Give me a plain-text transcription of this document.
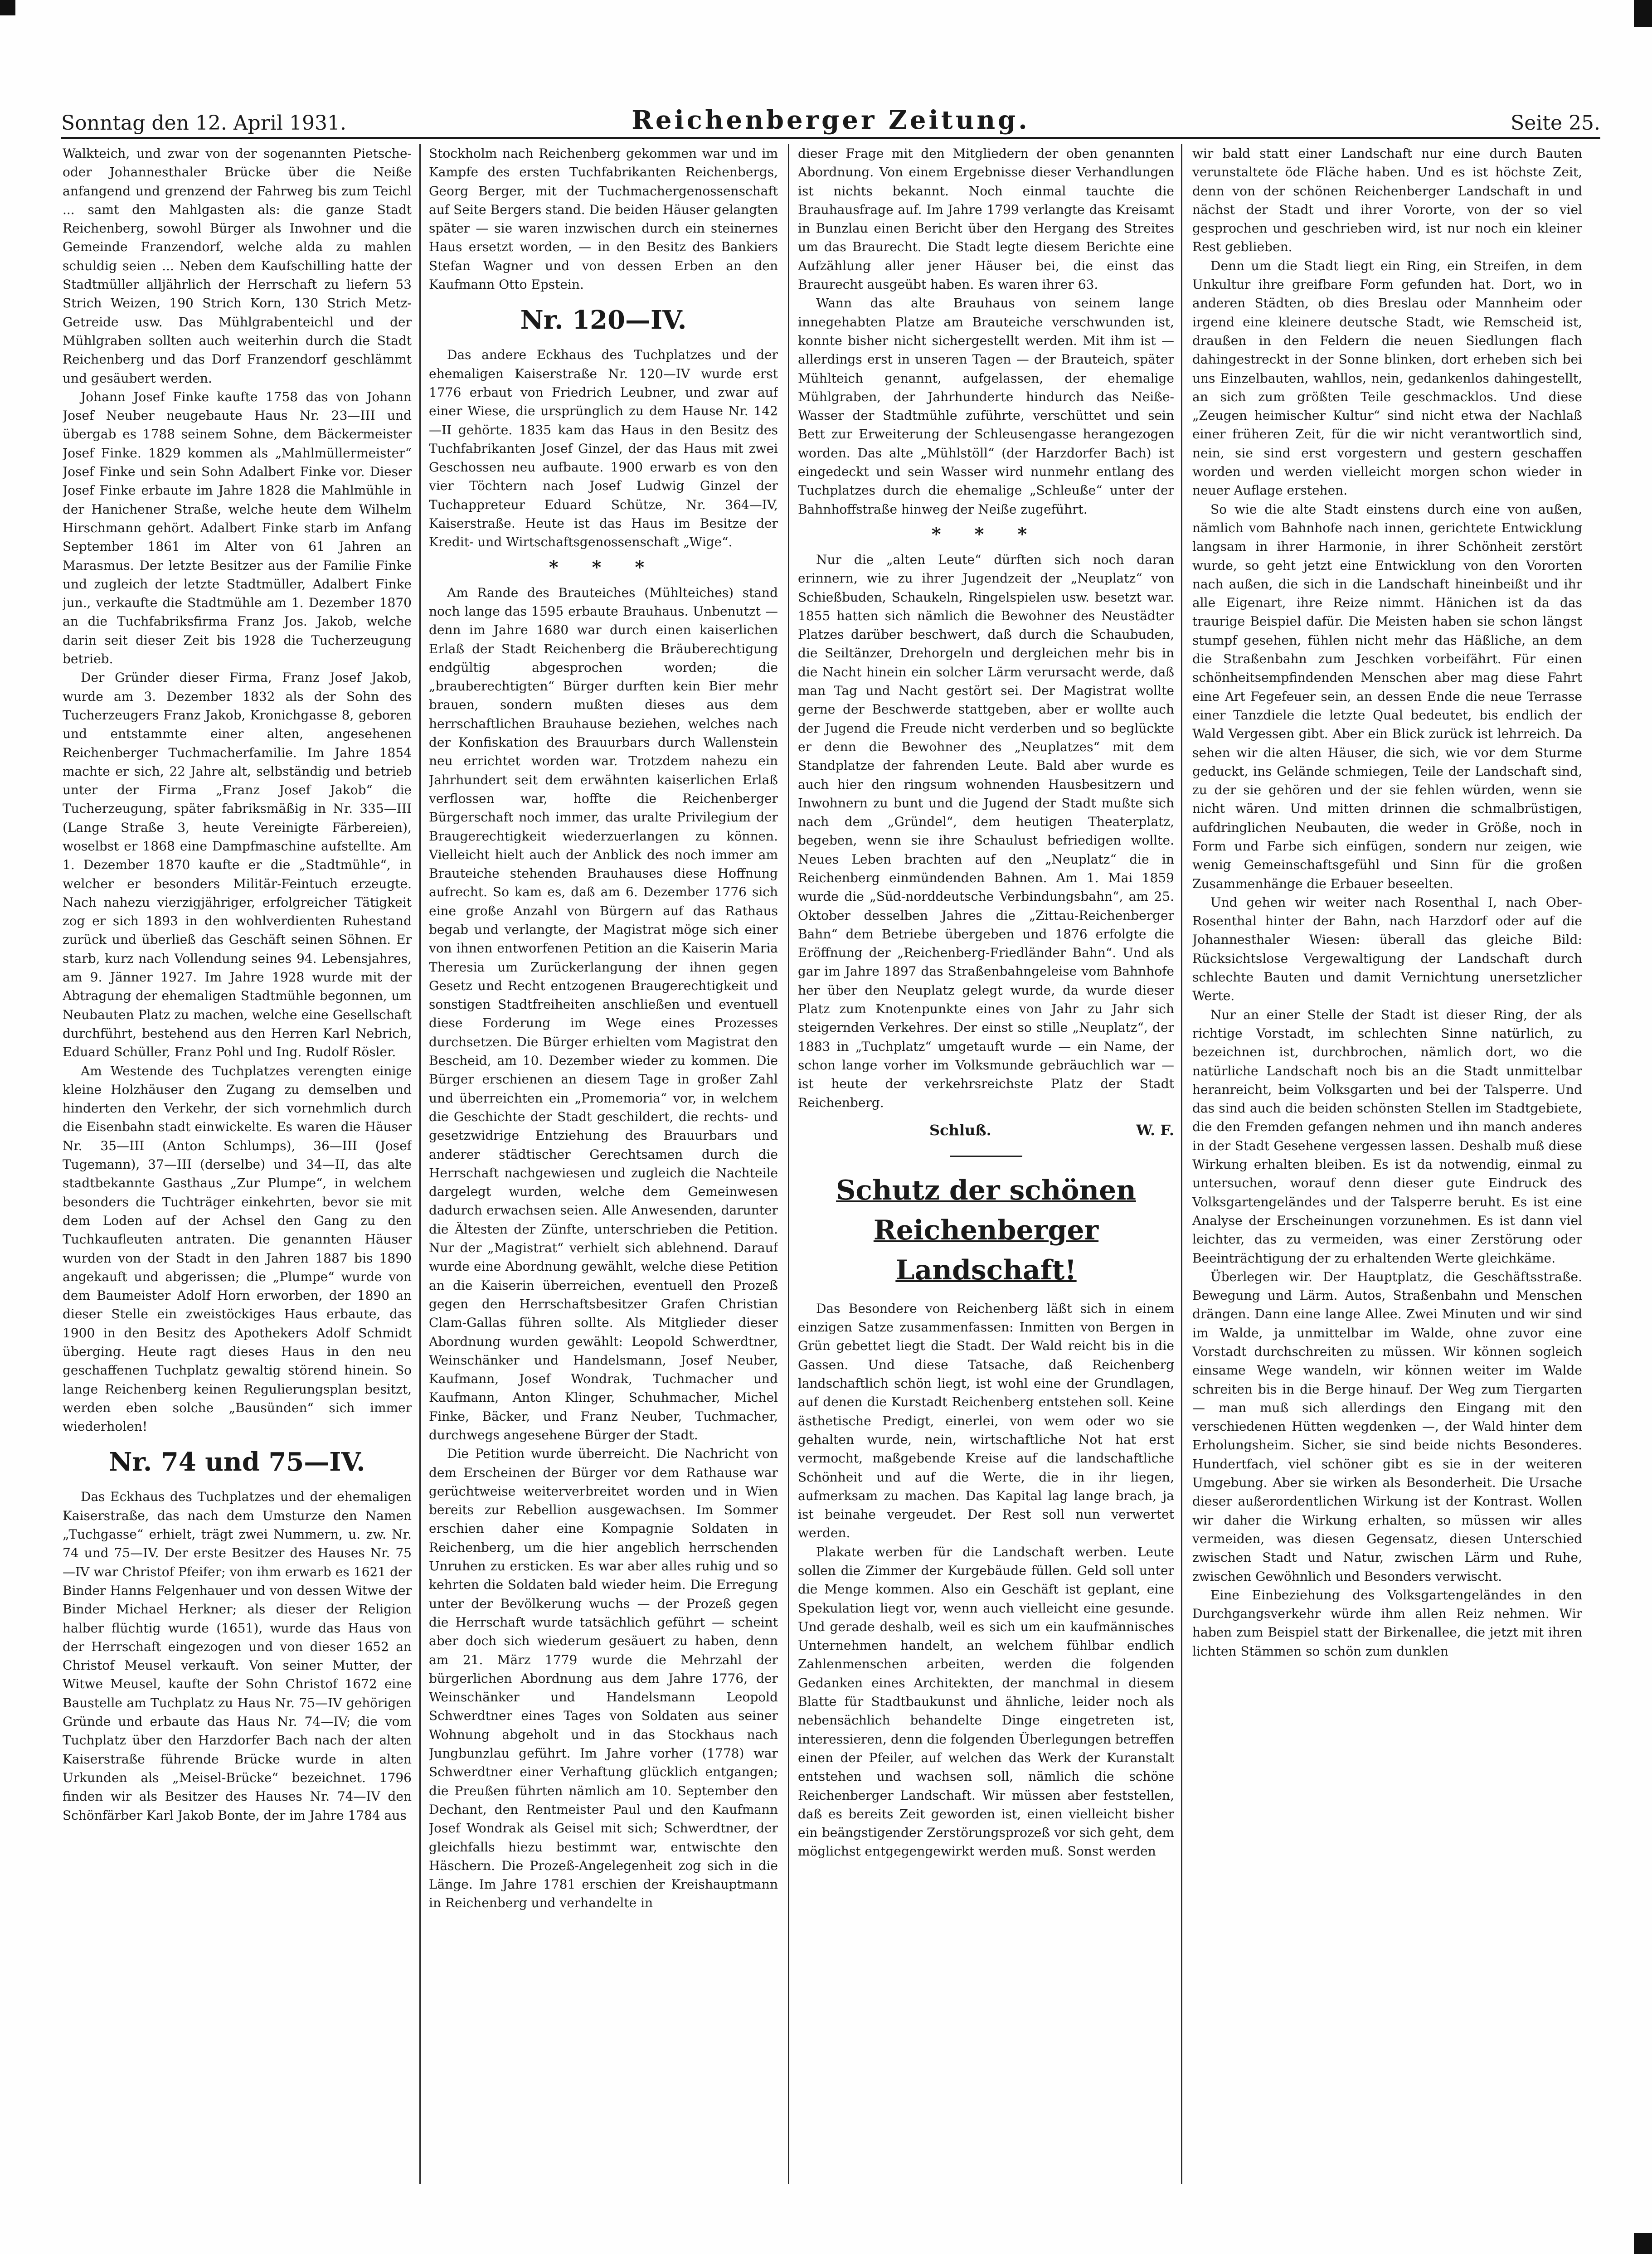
Sonntag den 12. April 1931.	Reichenberger Zeitung.	Seite 25.

Walkteich, und zwar von der sogenannten Pietsche- oder Johannesthaler Brücke über die Neiße anfangend und grenzend der Fahrweg bis zum Teichl ... samt den Mahlgasten als: die ganze Stadt Reichenberg, sowohl Bürger als Inwohner und die Gemeinde Franzendorf, welche alda zu mahlen schuldig seien ... Neben dem Kaufschilling hatte der Stadtmüller alljährlich der Herrschaft zu liefern 53 Strich Weizen, 190 Strich Korn, 130 Strich Metz-Getreide usw. Das Mühlgrabenteichl und der Mühlgraben sollten auch weiterhin durch die Stadt Reichenberg und das Dorf Franzendorf geschlämmt und gesäubert werden.

Johann Josef Finke kaufte 1758 das von Johann Josef Neuber neugebaute Haus Nr. 23—III und übergab es 1788 seinem Sohne, dem Bäckermeister Josef Finke. 1829 kommen als „Mahlmüllermeister“ Josef Finke und sein Sohn Adalbert Finke vor. Dieser Josef Finke erbaute im Jahre 1828 die Mahlmühle in der Hanichener Straße, welche heute dem Wilhelm Hirschmann gehört. Adalbert Finke starb im Anfang September 1861 im Alter von 61 Jahren an Marasmus. Der letzte Besitzer aus der Familie Finke und zugleich der letzte Stadtmüller, Adalbert Finke jun., verkaufte die Stadtmühle am 1. Dezember 1870 an die Tuchfabriksfirma Franz Jos. Jakob, welche darin seit dieser Zeit bis 1928 die Tucherzeugung betrieb.

Der Gründer dieser Firma, Franz Josef Jakob, wurde am 3. Dezember 1832 als der Sohn des Tucherzeugers Franz Jakob, Kronichgasse 8, geboren und entstammte einer alten, angesehenen Reichenberger Tuchmacherfamilie. Im Jahre 1854 machte er sich, 22 Jahre alt, selbständig und betrieb unter der Firma „Franz Josef Jakob“ die Tucherzeugung, später fabriksmäßig in Nr. 335—III (Lange Straße 3, heute Vereinigte Färbereien), woselbst er 1868 eine Dampfmaschine aufstellte. Am 1. Dezember 1870 kaufte er die „Stadtmühle“, in welcher er besonders Militär-Feintuch erzeugte. Nach nahezu vierzigjähriger, erfolgreicher Tätigkeit zog er sich 1893 in den wohlverdienten Ruhestand zurück und überließ das Geschäft seinen Söhnen. Er starb, kurz nach Vollendung seines 94. Lebensjahres, am 9. Jänner 1927. Im Jahre 1928 wurde mit der Abtragung der ehemaligen Stadtmühle begonnen, um Neubauten Platz zu machen, welche eine Gesellschaft durchführt, bestehend aus den Herren Karl Nebrich, Eduard Schüller, Franz Pohl und Ing. Rudolf Rösler.

Am Westende des Tuchplatzes verengten einige kleine Holzhäuser den Zugang zu demselben und hinderten den Verkehr, der sich vornehmlich durch die Eisenbahn stadt einwickelte. Es waren die Häuser Nr. 35—III (Anton Schlumps), 36—III (Josef Tugemann), 37—III (derselbe) und 34—II, das alte stadtbekannte Gasthaus „Zur Plumpe“, in welchem besonders die Tuchträger einkehrten, bevor sie mit dem Loden auf der Achsel den Gang zu den Tuchkaufleuten antraten. Die genannten Häuser wurden von der Stadt in den Jahren 1887 bis 1890 angekauft und abgerissen; die „Plumpe“ wurde von dem Baumeister Adolf Horn erworben, der 1890 an dieser Stelle ein zweistöckiges Haus erbaute, das 1900 in den Besitz des Apothekers Adolf Schmidt überging. Heute ragt dieses Haus in den neu geschaffenen Tuchplatz gewaltig störend hinein. So lange Reichenberg keinen Regulierungsplan besitzt, werden eben solche „Bausünden“ sich immer wiederholen!

Nr. 74 und 75—IV.

Das Eckhaus des Tuchplatzes und der ehemaligen Kaiserstraße, das nach dem Umsturze den Namen „Tuchgasse“ erhielt, trägt zwei Nummern, u. zw. Nr. 74 und 75—IV. Der erste Besitzer des Hauses Nr. 75—IV war Christof Pfeifer; von ihm erwarb es 1621 der Binder Hanns Felgenhauer und von dessen Witwe der Binder Michael Herkner; als dieser der Religion halber flüchtig wurde (1651), wurde das Haus von der Herrschaft eingezogen und von dieser 1652 an Christof Meusel verkauft. Von seiner Mutter, der Witwe Meusel, kaufte der Sohn Christof 1672 eine Baustelle am Tuchplatz zu Haus Nr. 75—IV gehörigen Gründe und erbaute das Haus Nr. 74—IV; die vom Tuchplatz über den Harzdorfer Bach nach der alten Kaiserstraße führende Brücke wurde in alten Urkunden als „Meisel-Brücke“ bezeichnet. 1796 finden wir als Besitzer des Hauses Nr. 74—IV den Schönfärber Karl Jakob Bonte, der im Jahre 1784 aus

Stockholm nach Reichenberg gekommen war und im Kampfe des ersten Tuchfabrikanten Reichenbergs, Georg Berger, mit der Tuchmachergenossenschaft auf Seite Bergers stand. Die beiden Häuser gelangten später — sie waren inzwischen durch ein steinernes Haus ersetzt worden, — in den Besitz des Bankiers Stefan Wagner und von dessen Erben an den Kaufmann Otto Epstein.

Nr. 120—IV.

Das andere Eckhaus des Tuchplatzes und der ehemaligen Kaiserstraße Nr. 120—IV wurde erst 1776 erbaut von Friedrich Leubner, und zwar auf einer Wiese, die ursprünglich zu dem Hause Nr. 142—II gehörte. 1835 kam das Haus in den Besitz des Tuchfabrikanten Josef Ginzel, der das Haus mit zwei Geschossen neu aufbaute. 1900 erwarb es von den vier Töchtern nach Josef Ludwig Ginzel der Tuchappreteur Eduard Schütze, Nr. 364—IV, Kaiserstraße. Heute ist das Haus im Besitze der Kredit- und Wirtschaftsgenossenschaft „Wige“.

* * *

Am Rande des Brauteiches (Mühlteiches) stand noch lange das 1595 erbaute Brauhaus. Unbenutzt — denn im Jahre 1680 war durch einen kaiserlichen Erlaß der Stadt Reichenberg die Bräuberechtigung endgültig abgesprochen worden; die „brauberechtigten“ Bürger durften kein Bier mehr brauen, sondern mußten dieses aus dem herrschaftlichen Brauhause beziehen, welches nach der Konfiskation des Brauurbars durch Wallenstein neu errichtet worden war. Trotzdem nahezu ein Jahrhundert seit dem erwähnten kaiserlichen Erlaß verflossen war, hoffte die Reichenberger Bürgerschaft noch immer, das uralte Privilegium der Braugerechtigkeit wiederzuerlangen zu können. Vielleicht hielt auch der Anblick des noch immer am Brauteiche stehenden Brauhauses diese Hoffnung aufrecht. So kam es, daß am 6. Dezember 1776 sich eine große Anzahl von Bürgern auf das Rathaus begab und verlangte, der Magistrat möge sich einer von ihnen entworfenen Petition an die Kaiserin Maria Theresia um Zurückerlangung der ihnen gegen Gesetz und Recht entzogenen Braugerechtigkeit und sonstigen Stadtfreiheiten anschließen und eventuell diese Forderung im Wege eines Prozesses durchsetzen. Die Bürger erhielten vom Magistrat den Bescheid, am 10. Dezember wieder zu kommen. Die Bürger erschienen an diesem Tage in großer Zahl und überreichten ein „Promemoria“ vor, in welchem die Geschichte der Stadt geschildert, die rechts- und gesetzwidrige Entziehung des Brauurbars und anderer städtischer Gerechtsamen durch die Herrschaft nachgewiesen und zugleich die Nachteile dargelegt wurden, welche dem Gemeinwesen dadurch erwachsen seien. Alle Anwesenden, darunter die Ältesten der Zünfte, unterschrieben die Petition. Nur der „Magistrat“ verhielt sich ablehnend. Darauf wurde eine Abordnung gewählt, welche diese Petition an die Kaiserin überreichen, eventuell den Prozeß gegen den Herrschaftsbesitzer Grafen Christian Clam-Gallas führen sollte. Als Mitglieder dieser Abordnung wurden gewählt: Leopold Schwerdtner, Weinschänker und Handelsmann, Josef Neuber, Kaufmann, Josef Wondrak, Tuchmacher und Kaufmann, Anton Klinger, Schuhmacher, Michel Finke, Bäcker, und Franz Neuber, Tuchmacher, durchwegs angesehene Bürger der Stadt.

Die Petition wurde überreicht. Die Nachricht von dem Erscheinen der Bürger vor dem Rathause war gerüchtweise weiterverbreitet worden und in Wien bereits zur Rebellion ausgewachsen. Im Sommer erschien daher eine Kompagnie Soldaten in Reichenberg, um die hier angeblich herrschenden Unruhen zu ersticken. Es war aber alles ruhig und so kehrten die Soldaten bald wieder heim. Die Erregung unter der Bevölkerung wuchs — der Prozeß gegen die Herrschaft wurde tatsächlich geführt — scheint aber doch sich wiederum gesäuert zu haben, denn am 21. März 1779 wurde die Mehrzahl der bürgerlichen Abordnung aus dem Jahre 1776, der Weinschänker und Handelsmann Leopold Schwerdtner eines Tages von Soldaten aus seiner Wohnung abgeholt und in das Stockhaus nach Jungbunzlau geführt. Im Jahre vorher (1778) war Schwerdtner einer Verhaftung glücklich entgangen; die Preußen führten nämlich am 10. September den Dechant, den Rentmeister Paul und den Kaufmann Josef Wondrak als Geisel mit sich; Schwerdtner, der gleichfalls hiezu bestimmt war, entwischte den Häschern. Die Prozeß-Angelegenheit zog sich in die Länge. Im Jahre 1781 erschien der Kreishauptmann in Reichenberg und verhandelte in

dieser Frage mit den Mitgliedern der oben genannten Abordnung. Von einem Ergebnisse dieser Verhandlungen ist nichts bekannt. Noch einmal tauchte die Brauhausfrage auf. Im Jahre 1799 verlangte das Kreisamt in Bunzlau einen Bericht über den Hergang des Streites um das Braurecht. Die Stadt legte diesem Berichte eine Aufzählung aller jener Häuser bei, die einst das Braurecht ausgeübt haben. Es waren ihrer 63.

Wann das alte Brauhaus von seinem lange innegehabten Platze am Brauteiche verschwunden ist, konnte bisher nicht sichergestellt werden. Mit ihm ist — allerdings erst in unseren Tagen — der Brauteich, später Mühlteich genannt, aufgelassen, der ehemalige Mühlgraben, der Jahrhunderte hindurch das Neiße-Wasser der Stadtmühle zuführte, verschüttet und sein Bett zur Erweiterung der Schleusengasse herangezogen worden. Das alte „Mühlstöll“ (der Harzdorfer Bach) ist eingedeckt und sein Wasser wird nunmehr entlang des Tuchplatzes durch die ehemalige „Schleuße“ unter der Bahnhoffstraße hinweg der Neiße zugeführt.

* * *

Nur die „alten Leute“ dürften sich noch daran erinnern, wie zu ihrer Jugendzeit der „Neuplatz“ von Schießbuden, Schaukeln, Ringelspielen usw. besetzt war. 1855 hatten sich nämlich die Bewohner des Neustädter Platzes darüber beschwert, daß durch die Schaubuden, die Seiltänzer, Drehorgeln und dergleichen mehr bis in die Nacht hinein ein solcher Lärm verursacht werde, daß man Tag und Nacht gestört sei. Der Magistrat wollte gerne der Beschwerde stattgeben, aber er wollte auch der Jugend die Freude nicht verderben und so beglückte er denn die Bewohner des „Neuplatzes“ mit dem Standplatze der fahrenden Leute. Bald aber wurde es auch hier den ringsum wohnenden Hausbesitzern und Inwohnern zu bunt und die Jugend der Stadt mußte sich nach dem „Gründel“, dem heutigen Theaterplatz, begeben, wenn sie ihre Schaulust befriedigen wollte. Neues Leben brachten auf den „Neuplatz“ die in Reichenberg einmündenden Bahnen. Am 1. Mai 1859 wurde die „Süd-norddeutsche Verbindungsbahn“, am 25. Oktober desselben Jahres die „Zittau-Reichenberger Bahn“ dem Betriebe übergeben und 1876 erfolgte die Eröffnung der „Reichenberg-Friedländer Bahn“. Und als gar im Jahre 1897 das Straßenbahngeleise vom Bahnhofe her über den Neuplatz gelegt wurde, da wurde dieser Platz zum Knotenpunkte eines von Jahr zu Jahr sich steigernden Verkehres. Der einst so stille „Neuplatz“, der 1883 in „Tuchplatz“ umgetauft wurde — ein Name, der schon lange vorher im Volksmunde gebräuchlich war — ist heute der verkehrsreichste Platz der Stadt Reichenberg.

Schluß.	W. F.
Schutz der schönen Reichenberger Landschaft!

Das Besondere von Reichenberg läßt sich in einem einzigen Satze zusammenfassen: Inmitten von Bergen in Grün gebettet liegt die Stadt. Der Wald reicht bis in die Gassen. Und diese Tatsache, daß Reichenberg landschaftlich schön liegt, ist wohl eine der Grundlagen, auf denen die Kurstadt Reichenberg entstehen soll. Keine ästhetische Predigt, einerlei, von wem oder wo sie gehalten wurde, nein, wirtschaftliche Not hat erst vermocht, maßgebende Kreise auf die landschaftliche Schönheit und auf die Werte, die in ihr liegen, aufmerksam zu machen. Das Kapital lag lange brach, ja ist beinahe vergeudet. Der Rest soll nun verwertet werden.

Plakate werben für die Landschaft werben. Leute sollen die Zimmer der Kurgebäude füllen. Geld soll unter die Menge kommen. Also ein Geschäft ist geplant, eine Spekulation liegt vor, wenn auch vielleicht eine gesunde. Und gerade deshalb, weil es sich um ein kaufmännisches Unternehmen handelt, an welchem fühlbar endlich Zahlenmenschen arbeiten, werden die folgenden Gedanken eines Architekten, der manchmal in diesem Blatte für Stadtbaukunst und ähnliche, leider noch als nebensächlich behandelte Dinge eingetreten ist, interessieren, denn die folgenden Überlegungen betreffen einen der Pfeiler, auf welchen das Werk der Kuranstalt entstehen und wachsen soll, nämlich die schöne Reichenberger Landschaft. Wir müssen aber feststellen, daß es bereits Zeit geworden ist, einen vielleicht bisher ein beängstigender Zerstörungsprozeß vor sich geht, dem möglichst entgegengewirkt werden muß. Sonst werden

wir bald statt einer Landschaft nur eine durch Bauten verunstaltete öde Fläche haben. Und es ist höchste Zeit, denn von der schönen Reichenberger Landschaft in und nächst der Stadt und ihrer Vororte, von der so viel gesprochen und geschrieben wird, ist nur noch ein kleiner Rest geblieben.

Denn um die Stadt liegt ein Ring, ein Streifen, in dem Unkultur ihre greifbare Form gefunden hat. Dort, wo in anderen Städten, ob dies Breslau oder Mannheim oder irgend eine kleinere deutsche Stadt, wie Remscheid ist, draußen in den Feldern die neuen Siedlungen flach dahingestreckt in der Sonne blinken, dort erheben sich bei uns Einzelbauten, wahllos, nein, gedankenlos dahingestellt, an sich zum größten Teile geschmacklos. Und diese „Zeugen heimischer Kultur“ sind nicht etwa der Nachlaß einer früheren Zeit, für die wir nicht verantwortlich sind, nein, sie sind erst vorgestern und gestern geschaffen worden und werden vielleicht morgen schon wieder in neuer Auflage erstehen.

So wie die alte Stadt einstens durch eine von außen, nämlich vom Bahnhofe nach innen, gerichtete Entwicklung langsam in ihrer Harmonie, in ihrer Schönheit zerstört wurde, so geht jetzt eine Entwicklung von den Vororten nach außen, die sich in die Landschaft hineinbeißt und ihr alle Eigenart, ihre Reize nimmt. Hänichen ist da das traurige Beispiel dafür. Die Meisten haben sie schon längst stumpf gesehen, fühlen nicht mehr das Häßliche, an dem die Straßenbahn zum Jeschken vorbeifährt. Für einen schönheitsempfindenden Menschen aber mag diese Fahrt eine Art Fegefeuer sein, an dessen Ende die neue Terrasse einer Tanzdiele die letzte Qual bedeutet, bis endlich der Wald Vergessen gibt. Aber ein Blick zurück ist lehrreich. Da sehen wir die alten Häuser, die sich, wie vor dem Sturme geduckt, ins Gelände schmiegen, Teile der Landschaft sind, zu der sie gehören und der sie fehlen würden, wenn sie nicht wären. Und mitten drinnen die schmalbrüstigen, aufdringlichen Neubauten, die weder in Größe, noch in Form und Farbe sich einfügen, sondern nur zeigen, wie wenig Gemeinschaftsgefühl und Sinn für die großen Zusammenhänge die Erbauer beseelten.

Und gehen wir weiter nach Rosenthal I, nach Ober-Rosenthal hinter der Bahn, nach Harzdorf oder auf die Johannesthaler Wiesen: überall das gleiche Bild: Rücksichtslose Vergewaltigung der Landschaft durch schlechte Bauten und damit Vernichtung unersetzlicher Werte.

Nur an einer Stelle der Stadt ist dieser Ring, der als richtige Vorstadt, im schlechten Sinne natürlich, zu bezeichnen ist, durchbrochen, nämlich dort, wo die natürliche Landschaft noch bis an die Stadt unmittelbar heranreicht, beim Volksgarten und bei der Talsperre. Und das sind auch die beiden schönsten Stellen im Stadtgebiete, die den Fremden gefangen nehmen und ihn manch anderes in der Stadt Gesehene vergessen lassen. Deshalb muß diese Wirkung erhalten bleiben. Es ist da notwendig, einmal zu untersuchen, worauf denn dieser gute Eindruck des Volksgartengeländes und der Talsperre beruht. Es ist eine Analyse der Erscheinungen vorzunehmen. Es ist dann viel leichter, das zu vermeiden, was einer Zerstörung oder Beeinträchtigung der zu erhaltenden Werte gleichkäme.

Überlegen wir. Der Hauptplatz, die Geschäftsstraße. Bewegung und Lärm. Autos, Straßenbahn und Menschen drängen. Dann eine lange Allee. Zwei Minuten und wir sind im Walde, ja unmittelbar im Walde, ohne zuvor eine Vorstadt durchschreiten zu müssen. Wir können sogleich einsame Wege wandeln, wir können weiter im Walde schreiten bis in die Berge hinauf. Der Weg zum Tiergarten — man muß sich allerdings den Eingang mit den verschiedenen Hütten wegdenken —, der Wald hinter dem Erholungsheim. Sicher, sie sind beide nichts Besonderes. Hundertfach, viel schöner gibt es sie in der weiteren Umgebung. Aber sie wirken als Besonderheit. Die Ursache dieser außerordentlichen Wirkung ist der Kontrast. Wollen wir daher die Wirkung erhalten, so müssen wir alles vermeiden, was diesen Gegensatz, diesen Unterschied zwischen Stadt und Natur, zwischen Lärm und Ruhe, zwischen Gewöhnlich und Besonders verwischt.

Eine Einbeziehung des Volksgartengeländes in den Durchgangsverkehr würde ihm allen Reiz nehmen. Wir haben zum Beispiel statt der Birkenallee, die jetzt mit ihren lichten Stämmen so schön zum dunklen
